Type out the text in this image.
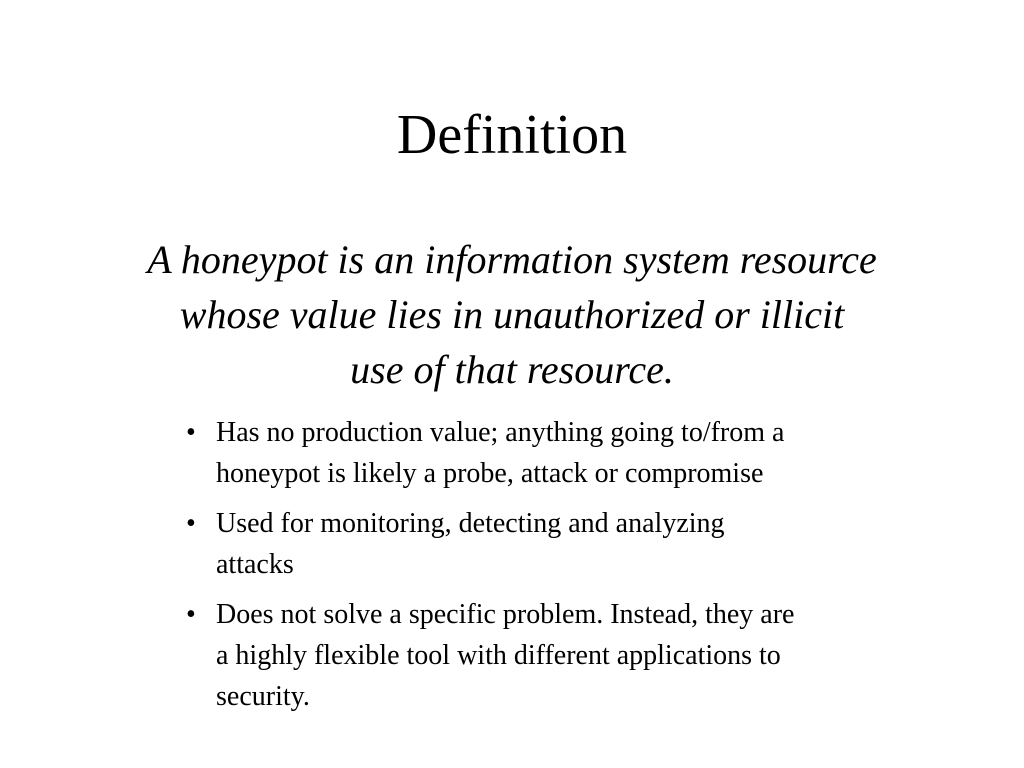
Definition

A honeypot is an information system resource
whose value lies in unauthorized or illicit
use of that resource.

• Has no production value; anything going to/from a
honeypot is likely a probe, attack or compromise
• Used for monitoring, detecting and analyzing
attacks
• Does not solve a specific problem. Instead, they are
a highly flexible tool with different applications to
security.
